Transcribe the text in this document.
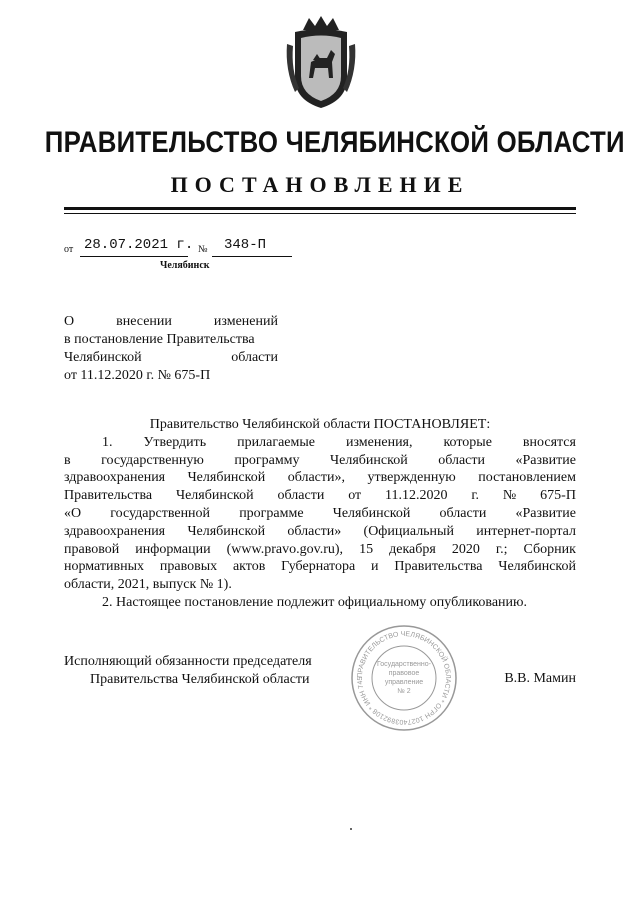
ПРАВИТЕЛЬСТВО ЧЕЛЯБИНСКОЙ ОБЛАСТИ
ПОСТАНОВЛЕНИЕ
от 28.07.2021 г. № 348-П
Челябинск
О	внесении	изменений
в постановление Правительства
Челябинской	области
от 11.12.2020 г. № 675-П
Правительство Челябинской области ПОСТАНОВЛЯЕТ:
1. Утвердить прилагаемые изменения, которые вносятся
в государственную программу Челябинской области «Развитие
здравоохранения Челябинской области», утвержденную постановлением
Правительства Челябинской области от 11.12.2020 г. № 675-П
«О государственной программе Челябинской области «Развитие
здравоохранения Челябинской области» (Официальный интернет-портал
правовой информации (www.pravo.gov.ru), 15 декабря 2020 г.; Сборник
нормативных правовых актов Губернатора и Правительства Челябинской
области, 2021, выпуск № 1).
2. Настоящее постановление подлежит официальному опубликованию.
Исполняющий обязанности председателя
Правительства Челябинской области	В.В. Мамин
ПРАВИТЕЛЬСТВО ЧЕЛЯБИНСКОЙ ОБЛАСТИ * ОГРН 1027403892108 * ИНН 745
Государственно-
правовое
управление
№ 2
